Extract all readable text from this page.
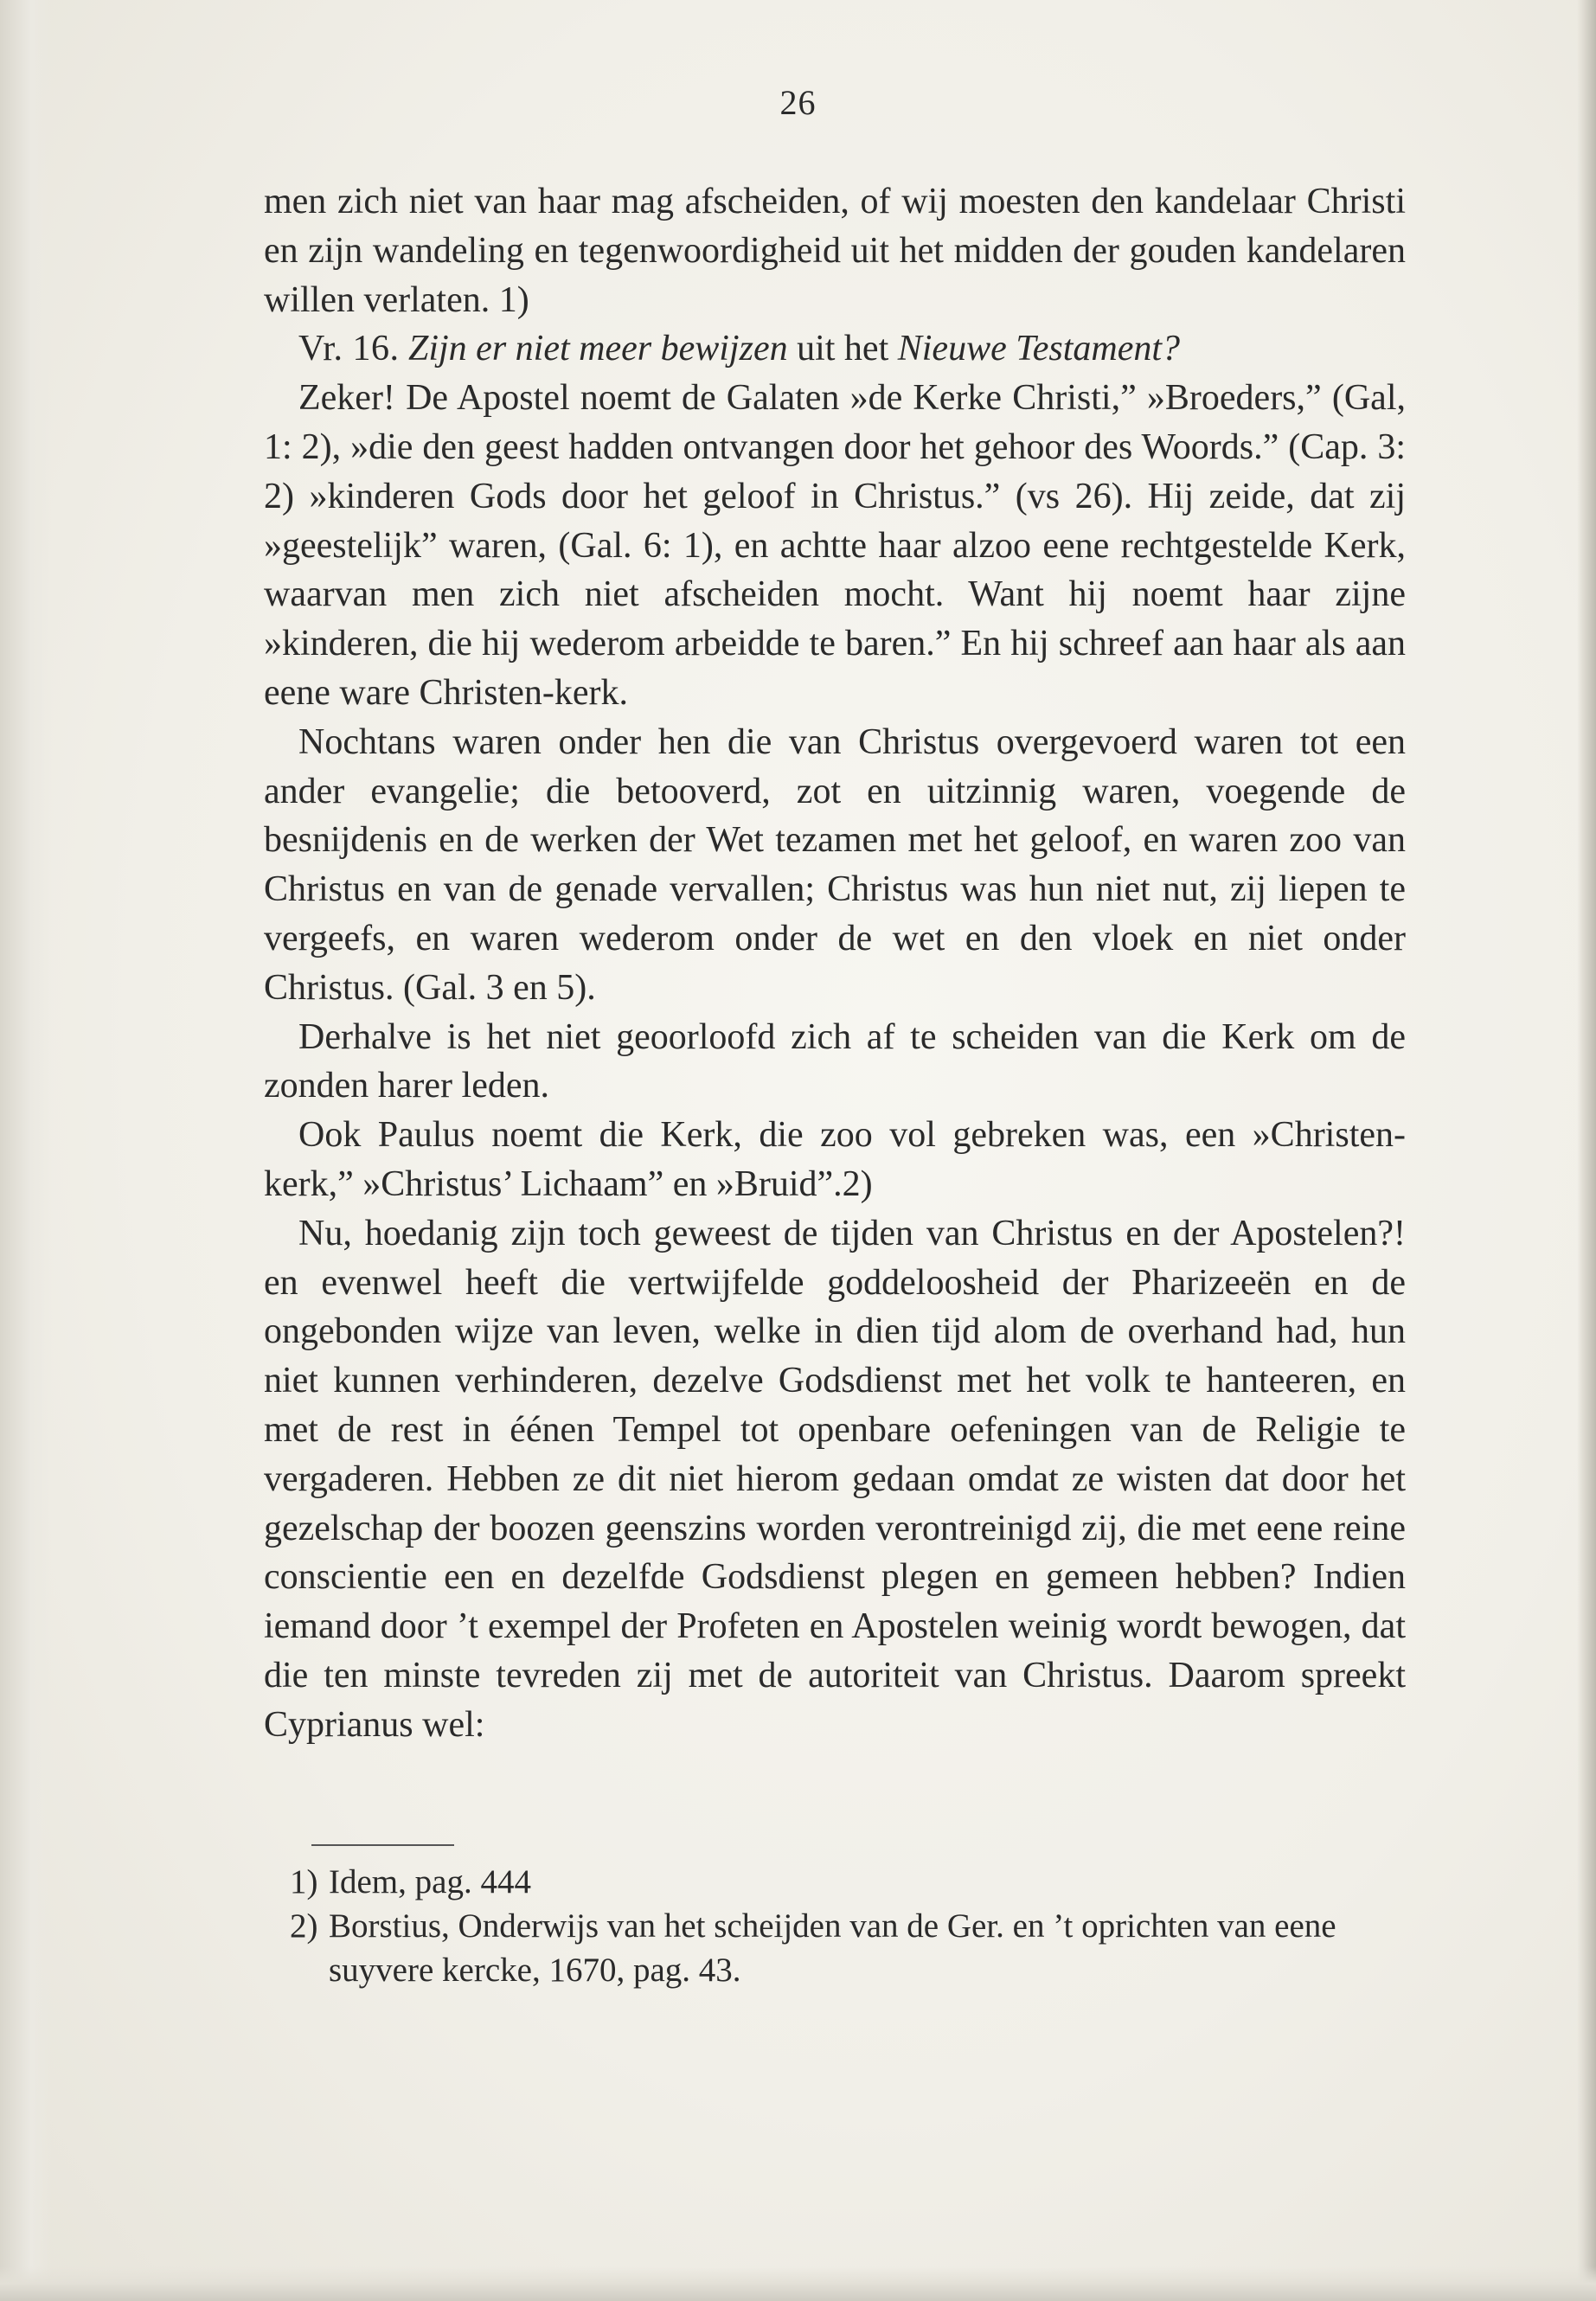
26

men zich niet van haar mag afscheiden, of wij moesten den kandelaar Christi en zijn wandeling en tegenwoordigheid uit het midden der gouden kandelaren willen verlaten. 1)

Vr. 16. Zijn er niet meer bewijzen uit het Nieuwe Testament?

Zeker! De Apostel noemt de Galaten »de Kerke Christi,” »Broeders,” (Gal, 1: 2), »die den geest hadden ontvangen door het gehoor des Woords.” (Cap. 3: 2) »kinderen Gods door het geloof in Christus.” (vs 26). Hij zeide, dat zij »geestelijk” waren, (Gal. 6: 1), en achtte haar alzoo eene rechtgestelde Kerk, waarvan men zich niet afscheiden mocht. Want hij noemt haar zijne »kinderen, die hij wederom arbeidde te baren.” En hij schreef aan haar als aan eene ware Christen-kerk.

Nochtans waren onder hen die van Christus overgevoerd waren tot een ander evangelie; die betooverd, zot en uitzinnig waren, voegende de besnijdenis en de werken der Wet tezamen met het geloof, en waren zoo van Christus en van de genade vervallen; Christus was hun niet nut, zij liepen te vergeefs, en waren wederom onder de wet en den vloek en niet onder Christus. (Gal. 3 en 5).

Derhalve is het niet geoorloofd zich af te scheiden van die Kerk om de zonden harer leden.

Ook Paulus noemt die Kerk, die zoo vol gebreken was, een »Christen-kerk,” »Christus’ Lichaam” en »Bruid”.2)

Nu, hoedanig zijn toch geweest de tijden van Christus en der Apostelen?! en evenwel heeft die vertwijfelde goddeloosheid der Pharizeeën en de ongebonden wijze van leven, welke in dien tijd alom de overhand had, hun niet kunnen verhinderen, dezelve Godsdienst met het volk te hanteeren, en met de rest in éénen Tempel tot openbare oefeningen van de Religie te vergaderen. Hebben ze dit niet hierom gedaan omdat ze wisten dat door het gezelschap der boozen geenszins worden verontreinigd zij, die met eene reine conscientie een en dezelfde Godsdienst plegen en gemeen hebben? Indien iemand door ’t exempel der Profeten en Apostelen weinig wordt bewogen, dat die ten minste tevreden zij met de autoriteit van Christus. Daarom spreekt Cyprianus wel:

1) Idem, pag. 444

2) Borstius, Onderwijs van het scheijden van de Ger. en ’t oprichten van eene suyvere kercke, 1670, pag. 43.
